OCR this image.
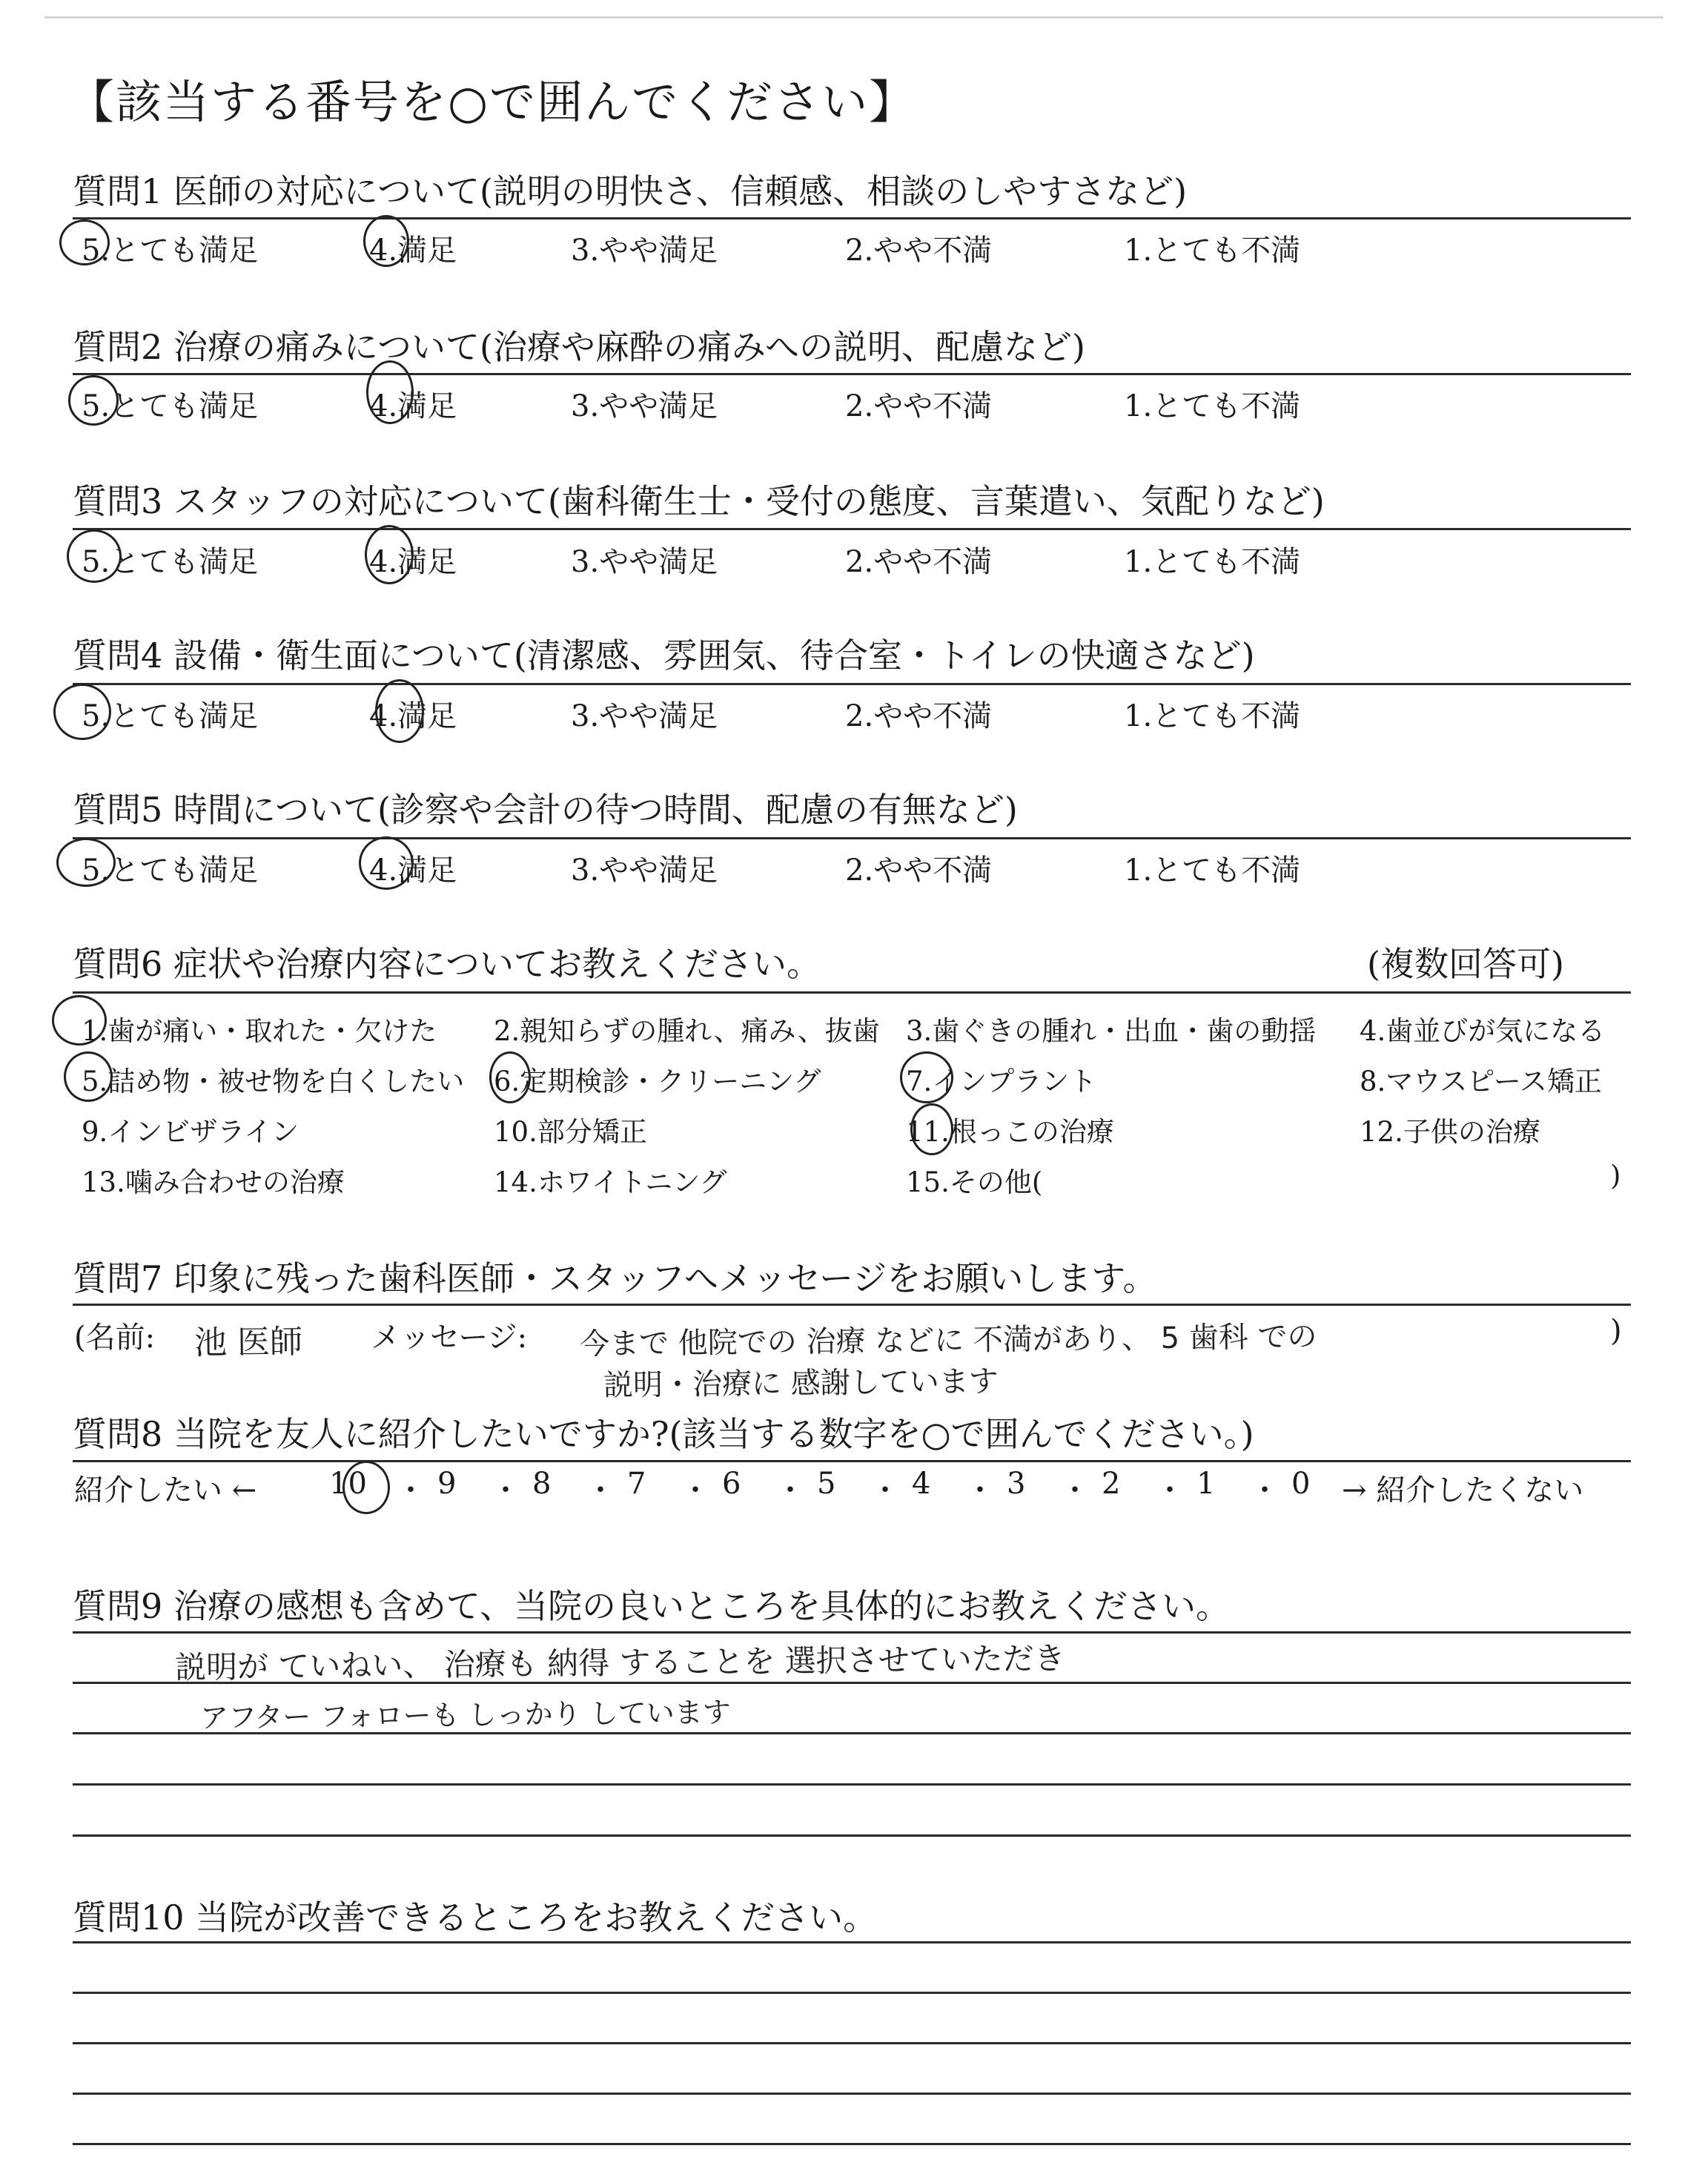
【該当する番号を○で囲んでください】
質問1 医師の対応について(説明の明快さ、信頼感、相談のしやすさなど)
5.とても満足	4.満足	3.やや満足	2.やや不満	1.とても不満
質問2 治療の痛みについて(治療や麻酔の痛みへの説明、配慮など)
5.とても満足	4.満足	3.やや満足	2.やや不満	1.とても不満
質問3 スタッフの対応について(歯科衛生士・受付の態度、言葉遣い、気配りなど)
5.とても満足	4.満足	3.やや満足	2.やや不満	1.とても不満
質問4 設備・衛生面について(清潔感、雰囲気、待合室・トイレの快適さなど)
5.とても満足	4.満足	3.やや満足	2.やや不満	1.とても不満
質問5 時間について(診察や会計の待つ時間、配慮の有無など)
5.とても満足	4.満足	3.やや満足	2.やや不満	1.とても不満
質問6 症状や治療内容についてお教えください。	(複数回答可)
1.歯が痛い・取れた・欠けた 2.親知らずの腫れ、痛み、抜歯 3.歯ぐきの腫れ・出血・歯の動揺 4.歯並びが気になる
5.詰め物・被せ物を白くしたい 6.定期検診・クリーニング	7.インプラント	8.マウスピース矯正
9.インビザライン	10.部分矯正	11.根っこの治療	12.子供の治療
13.噛み合わせの治療	14.ホワイトニング	15.その他(	)
質問7 印象に残った歯科医師・スタッフへメッセージをお願いします。
(名前: 池 医師 メッセージ: 今まで 他院での 治療 などに 不満があり、 5 歯科 での
説明・治療に 感謝しています
)
質問8 当院を友人に紹介したいですか?(該当する数字を○で囲んでください。)
紹介したい ← 10 ・ 9 ・ 8 ・ 7 ・ 6 ・ 5 ・ 4 ・ 3 ・ 2 ・ 1 ・ 0 → 紹介したくない
質問9 治療の感想も含めて、当院の良いところを具体的にお教えください。
説明が ていねい、 治療も 納得 することを 選択させていただき
アフター フォローも しっかり しています
質問10 当院が改善できるところをお教えください。
